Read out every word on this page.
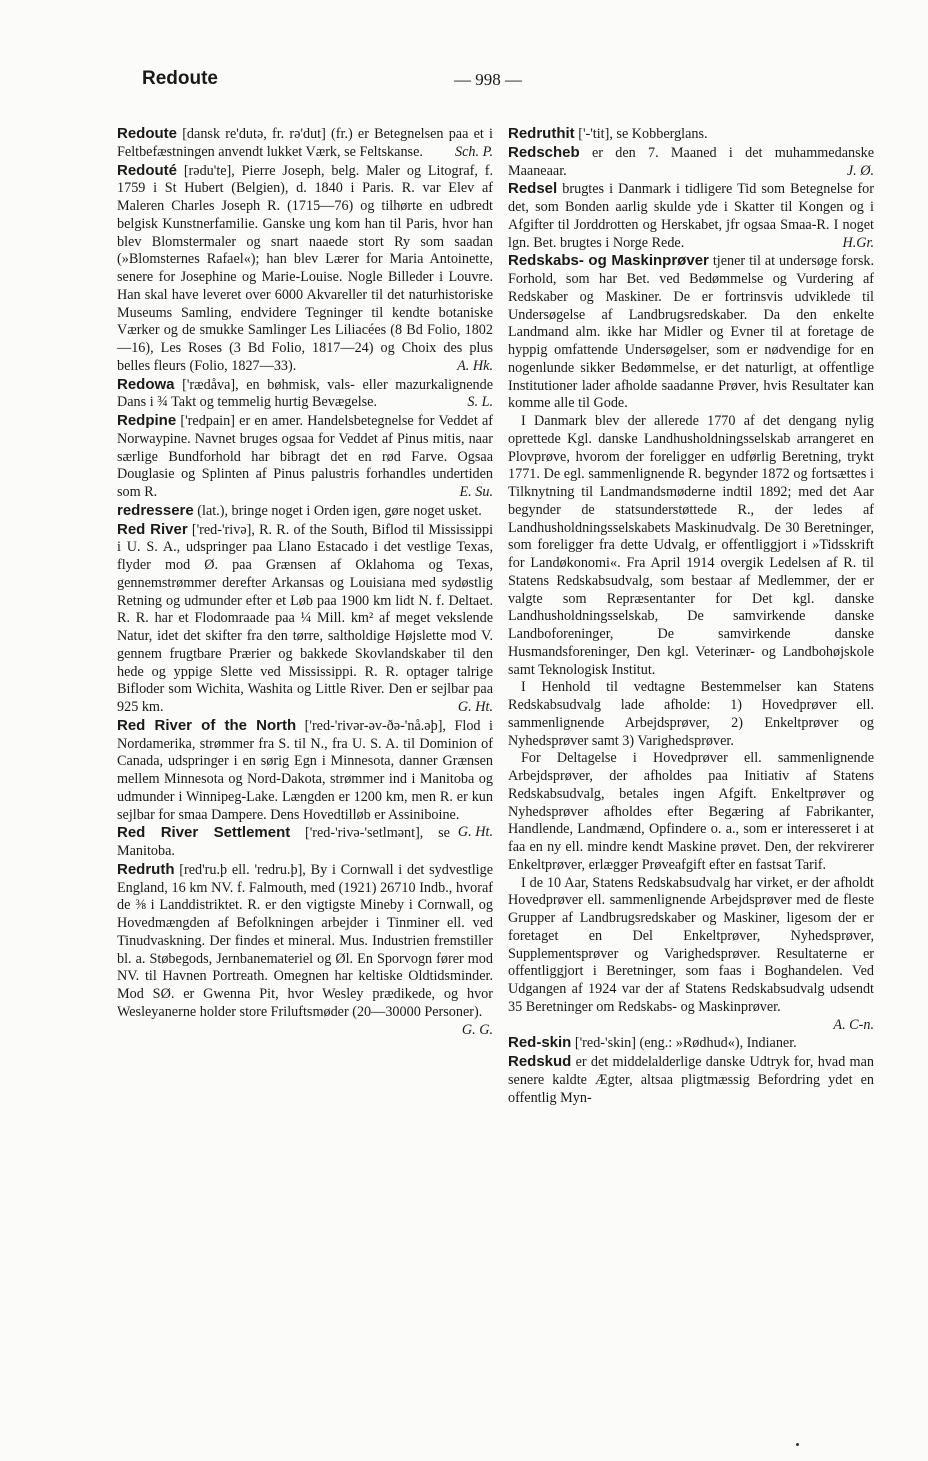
Redoute	— 998 —

Redoute [dansk re'dutə, fr. rə'dut] (fr.) er Betegnelsen paa et i Feltbefæstningen anvendt lukket Værk, se Feltskanse.	Sch. P.

Redouté [rədu'te], Pierre Joseph, belg. Maler og Litograf, f. 1759 i St Hubert (Belgien), d. 1840 i Paris. R. var Elev af Maleren Charles Joseph R. (1715—76) og tilhørte en udbredt belgisk Kunstnerfamilie. Ganske ung kom han til Paris, hvor han blev Blomstermaler og snart naaede stort Ry som saadan (»Blomsternes Rafael«); han blev Lærer for Maria Antoinette, senere for Josephine og Marie-Louise. Nogle Billeder i Louvre. Han skal have leveret over 6000 Akvareller til det naturhistoriske Museums Samling, endvidere Tegninger til kendte botaniske Værker og de smukke Samlinger Les Liliacées (8 Bd Folio, 1802—16), Les Roses (3 Bd Folio, 1817—24) og Choix des plus belles fleurs (Folio, 1827—33).	A. Hk.

Redowa ['rædåva], en bøhmisk, vals- eller mazurkalignende Dans i ¾ Takt og temmelig hurtig Bevægelse.	S. L.

Redpine ['redpain] er en amer. Handelsbetegnelse for Veddet af Norwaypine. Navnet bruges ogsaa for Veddet af Pinus mitis, naar særlige Bundforhold har bibragt det en rød Farve. Ogsaa Douglasie og Splinten af Pinus palustris forhandles undertiden som R.	E. Su.

redressere (lat.), bringe noget i Orden igen, gøre noget usket.

Red River ['red-'rivə], R. R. of the South, Biflod til Mississippi i U. S. A., udspringer paa Llano Estacado i det vestlige Texas, flyder mod Ø. paa Grænsen af Oklahoma og Texas, gennemstrømmer derefter Arkansas og Louisiana med sydøstlig Retning og udmunder efter et Løb paa 1900 km lidt N. f. Deltaet. R. R. har et Flodomraade paa ¼ Mill. km² af meget vekslende Natur, idet det skifter fra den tørre, saltholdige Højslette mod V. gennem frugtbare Prærier og bakkede Skovlandskaber til den hede og yppige Slette ved Mississippi. R. R. optager talrige Bifloder som Wichita, Washita og Little River. Den er sejlbar paa 925 km.	G. Ht.

Red River of the North ['red-'rivər-əv-ðə-'nå.əþ], Flod i Nordamerika, strømmer fra S. til N., fra U. S. A. til Dominion of Canada, udspringer i en sørig Egn i Minnesota, danner Grænsen mellem Minnesota og Nord-Dakota, strømmer ind i Manitoba og udmunder i Winnipeg-Lake. Længden er 1200 km, men R. er kun sejlbar for smaa Dampere. Dens Hovedtilløb er Assiniboine.
G. Ht.

Red River Settlement ['red-'rivə-'setlmənt], se Manitoba.

Redruth [red'ru.þ ell. 'redru.þ], By i Cornwall i det sydvestlige England, 16 km NV. f. Falmouth, med (1921) 26710 Indb., hvoraf de ⅜ i Landdistriktet. R. er den vigtigste Mineby i Cornwall, og Hovedmængden af Befolkningen arbejder i Tinminer ell. ved Tinudvaskning. Der findes et mineral. Mus. Industrien fremstiller bl. a. Støbegods, Jernbanemateriel og Øl. En Sporvogn fører mod NV. til Havnen Portreath. Omegnen har keltiske Oldtidsminder. Mod SØ. er Gwenna Pit, hvor Wesley prædikede, og hvor Wesleyanerne holder store Friluftsmøder (20—30000 Personer).
G. G.

Redruthit ['-'tit], se Kobberglans.

Redscheb er den 7. Maaned i det muhammedanske Maaneaar.	J. Ø.

Redsel brugtes i Danmark i tidligere Tid som Betegnelse for det, som Bonden aarlig skulde yde i Skatter til Kongen og i Afgifter til Jorddrotten og Herskabet, jfr ogsaa Smaa-R. I noget lgn. Bet. brugtes i Norge Rede.	H.Gr.

Redskabs- og Maskinprøver tjener til at undersøge forsk. Forhold, som har Bet. ved Bedømmelse og Vurdering af Redskaber og Maskiner. De er fortrinsvis udviklede til Undersøgelse af Landbrugsredskaber. Da den enkelte Landmand alm. ikke har Midler og Evner til at foretage de hyppig omfattende Undersøgelser, som er nødvendige for en nogenlunde sikker Bedømmelse, er det naturligt, at offentlige Institutioner lader afholde saadanne Prøver, hvis Resultater kan komme alle til Gode.

I Danmark blev der allerede 1770 af det dengang nylig oprettede Kgl. danske Landhusholdningsselskab arrangeret en Plovprøve, hvorom der foreligger en udførlig Beretning, trykt 1771. De egl. sammenlignende R. begynder 1872 og fortsættes i Tilknytning til Landmandsmøderne indtil 1892; med det Aar begynder de statsunderstøttede R., der ledes af Landhusholdningsselskabets Maskinudvalg. De 30 Beretninger, som foreligger fra dette Udvalg, er offentliggjort i »Tidsskrift for Landøkonomi«. Fra April 1914 overgik Ledelsen af R. til Statens Redskabsudvalg, som bestaar af Medlemmer, der er valgte som Repræsentanter for Det kgl. danske Landhusholdningsselskab, De samvirkende danske Landboforeninger, De samvirkende danske Husmandsforeninger, Den kgl. Veterinær- og Landbohøjskole samt Teknologisk Institut.

I Henhold til vedtagne Bestemmelser kan Statens Redskabsudvalg lade afholde: 1) Hovedprøver ell. sammenlignende Arbejdsprøver, 2) Enkeltprøver og Nyhedsprøver samt 3) Varighedsprøver.

For Deltagelse i Hovedprøver ell. sammenlignende Arbejdsprøver, der afholdes paa Initiativ af Statens Redskabsudvalg, betales ingen Afgift. Enkeltprøver og Nyhedsprøver afholdes efter Begæring af Fabrikanter, Handlende, Landmænd, Opfindere o. a., som er interesseret i at faa en ny ell. mindre kendt Maskine prøvet. Den, der rekvirerer Enkeltprøver, erlægger Prøveafgift efter en fastsat Tarif.

I de 10 Aar, Statens Redskabsudvalg har virket, er der afholdt Hovedprøver ell. sammenlignende Arbejdsprøver med de fleste Grupper af Landbrugsredskaber og Maskiner, ligesom der er foretaget en Del Enkeltprøver, Nyhedsprøver, Supplementsprøver og Varighedsprøver. Resultaterne er offentliggjort i Beretninger, som faas i Boghandelen. Ved Udgangen af 1924 var der af Statens Redskabsudvalg udsendt 35 Beretninger om Redskabs- og Maskinprøver.

A. C-n.

Red-skin ['red-'skin] (eng.: »Rødhud«), Indianer.

Redskud er det middelalderlige danske Udtryk for, hvad man senere kaldte Ægter, altsaa pligtmæssig Befordring ydet en offentlig Myn-
